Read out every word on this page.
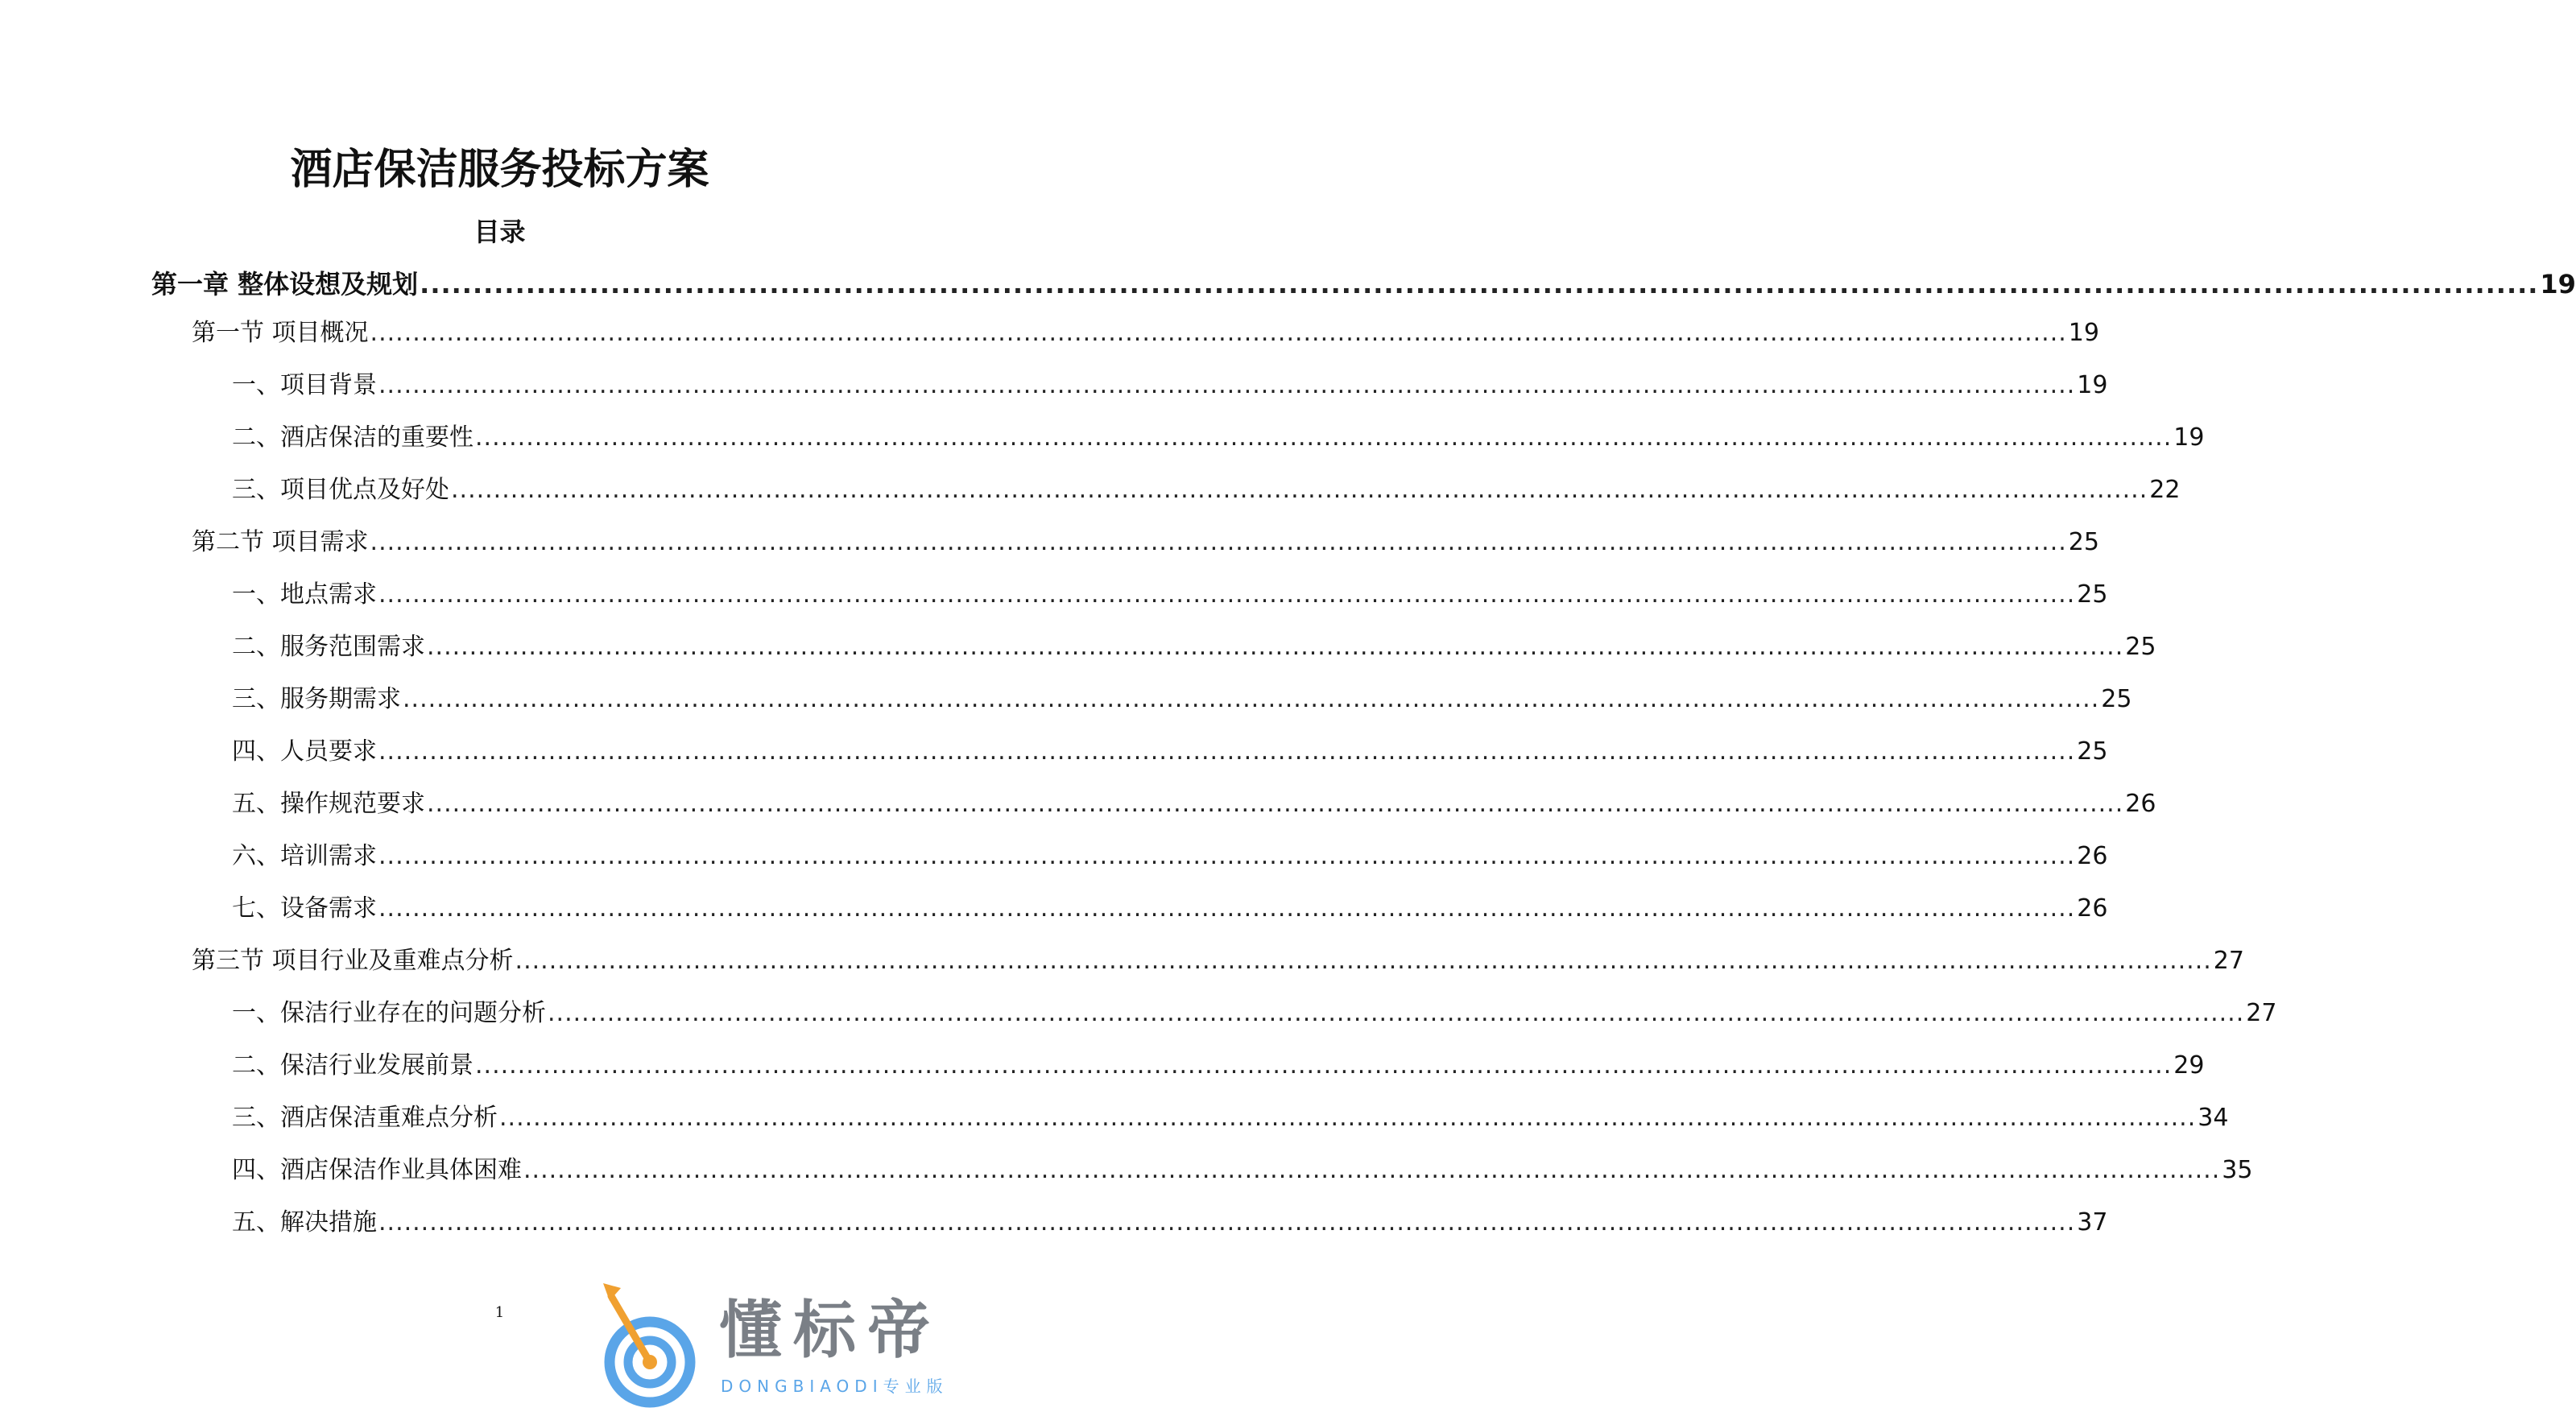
酒店保洁服务投标方案
目录
第一章 整体设想及规划 ........................................................................................................................................................................................................ 19
第一节 项目概况 ........................................................................................................................................................................................................ 19
一、项目背景 ........................................................................................................................................................................................................ 19
二、酒店保洁的重要性 ........................................................................................................................................................................................................ 19
三、项目优点及好处 ........................................................................................................................................................................................................ 22
第二节 项目需求 ........................................................................................................................................................................................................ 25
一、地点需求 ........................................................................................................................................................................................................ 25
二、服务范围需求 ........................................................................................................................................................................................................ 25
三、服务期需求 ........................................................................................................................................................................................................ 25
四、人员要求 ........................................................................................................................................................................................................ 25
五、操作规范要求 ........................................................................................................................................................................................................ 26
六、培训需求 ........................................................................................................................................................................................................ 26
七、设备需求 ........................................................................................................................................................................................................ 26
第三节 项目行业及重难点分析 ........................................................................................................................................................................................................ 27
一、保洁行业存在的问题分析 ........................................................................................................................................................................................................ 27
二、保洁行业发展前景 ........................................................................................................................................................................................................ 29
三、酒店保洁重难点分析 ........................................................................................................................................................................................................ 34
四、酒店保洁作业具体困难 ........................................................................................................................................................................................................ 35
五、解决措施 ........................................................................................................................................................................................................ 37
1	懂标帝
DONGBIAODI专业版
